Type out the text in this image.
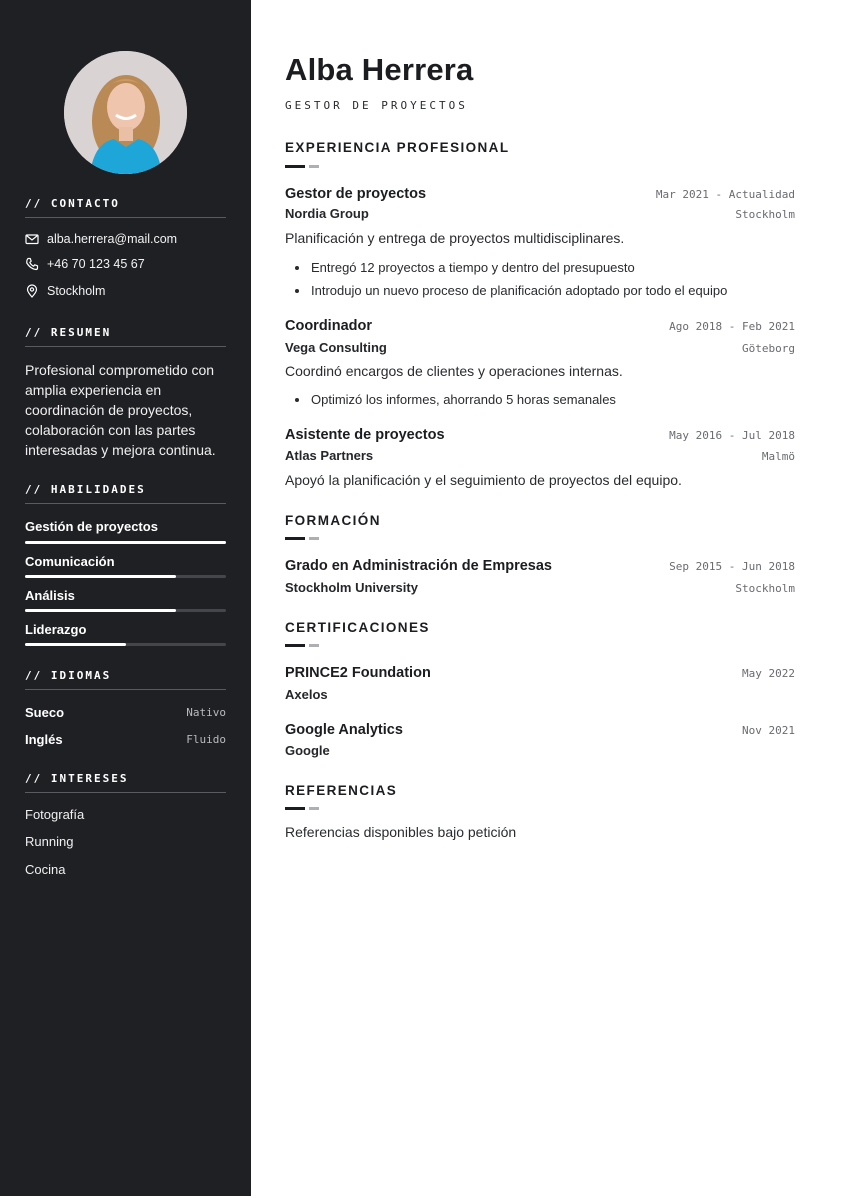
// CONTACTO
alba.herrera@mail.com
+46 70 123 45 67
Stockholm
// RESUMEN
Profesional comprometido con amplia experiencia en coordinación de proyectos, colaboración con las partes interesadas y mejora continua.
// HABILIDADES
Gestión de proyectos
Comunicación
Análisis
Liderazgo
// IDIOMAS
Sueco	Nativo
Inglés	Fluido
// INTERESES
Fotografía
Running
Cocina
Alba Herrera
GESTOR DE PROYECTOS
EXPERIENCIA PROFESIONAL
Gestor de proyectos	Mar 2021 - Actualidad
Nordia Group	Stockholm
Planificación y entrega de proyectos multidisciplinares.
Entregó 12 proyectos a tiempo y dentro del presupuesto
Introdujo un nuevo proceso de planificación adoptado por todo el equipo
Coordinador	Ago 2018 - Feb 2021
Vega Consulting	Göteborg
Coordinó encargos de clientes y operaciones internas.
Optimizó los informes, ahorrando 5 horas semanales
Asistente de proyectos	May 2016 - Jul 2018
Atlas Partners	Malmö
Apoyó la planificación y el seguimiento de proyectos del equipo.
FORMACIÓN
Grado en Administración de Empresas	Sep 2015 - Jun 2018
Stockholm University	Stockholm
CERTIFICACIONES
PRINCE2 Foundation	May 2022
Axelos
Google Analytics	Nov 2021
Google
REFERENCIAS
Referencias disponibles bajo petición
